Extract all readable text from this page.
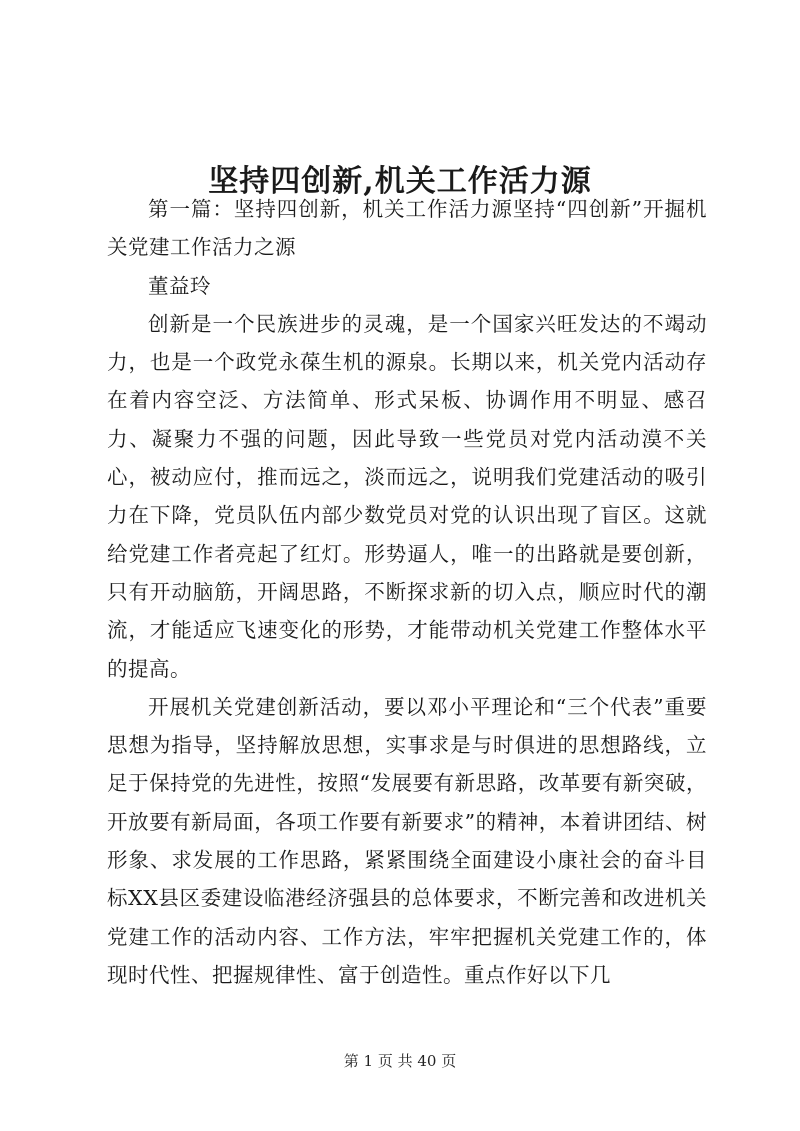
坚持四创新,机关工作活力源

第一篇：坚持四创新，机关工作活力源坚持“四创新”开掘机关党建工作活力之源

董益玲

创新是一个民族进步的灵魂，是一个国家兴旺发达的不竭动力，也是一个政党永葆生机的源泉。长期以来，机关党内活动存在着内容空泛、方法简单、形式呆板、协调作用不明显、感召力、凝聚力不强的问题，因此导致一些党员对党内活动漠不关心，被动应付，推而远之，淡而远之，说明我们党建活动的吸引力在下降，党员队伍内部少数党员对党的认识出现了盲区。这就给党建工作者亮起了红灯。形势逼人，唯一的出路就是要创新，只有开动脑筋，开阔思路，不断探求新的切入点，顺应时代的潮流，才能适应飞速变化的形势，才能带动机关党建工作整体水平的提高。

开展机关党建创新活动，要以邓小平理论和“三个代表”重要思想为指导，坚持解放思想，实事求是与时俱进的思想路线，立足于保持党的先进性，按照“发展要有新思路，改革要有新突破，开放要有新局面，各项工作要有新要求”的精神，本着讲团结、树形象、求发展的工作思路，紧紧围绕全面建设小康社会的奋斗目标XX县区委建设临港经济强县的总体要求，不断完善和改进机关党建工作的活动内容、工作方法，牢牢把握机关党建工作的，体现时代性、把握规律性、富于创造性。重点作好以下几

第 1 页 共 40 页
